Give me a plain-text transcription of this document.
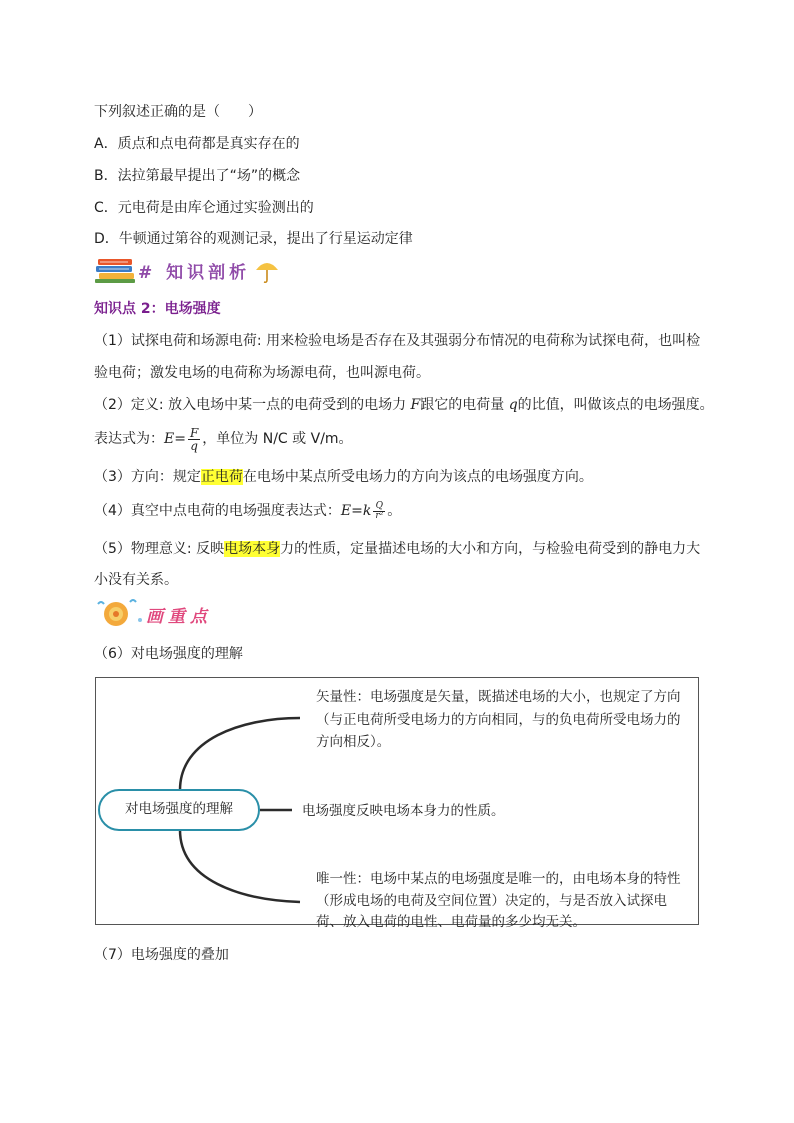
下列叙述正确的是（　　）
A．质点和点电荷都是真实存在的
B．法拉第最早提出了“场”的概念
C．元电荷是由库仑通过实验测出的
D．牛顿通过第谷的观测记录，提出了行星运动定律
# 知识剖析
知识点 2：电场强度
（1）试探电荷和场源电荷: 用来检验电场是否存在及其强弱分布情况的电荷称为试探电荷，也叫检
验电荷；激发电场的电荷称为场源电荷，也叫源电荷。
（2）定义: 放入电场中某一点的电荷受到的电场力 F跟它的电荷量 q的比值，叫做该点的电场强度。
表达式为：$E= \frac{F}{q}$ ，单位为 N/C 或 V/m。
（3）方向：规定正电荷在电场中某点所受电场力的方向为该点的电场强度方向。
（4）真空中点电荷的电场强度表达式：$E=k \frac{Q}{\text{r²}}$ 。
（5）物理意义: 反映电场本身力的性质，定量描述电场的大小和方向，与检验电荷受到的静电力大
小没有关系。
画重点
（6）对电场强度的理解
对电场强度的理解
矢量性：电场强度是矢量，既描述电场的大小，也规定了方向
（与正电荷所受电场力的方向相同，与的负电荷所受电场力的
方向相反）。
电场强度反映电场本身力的性质。
唯一性：电场中某点的电场强度是唯一的，由电场本身的特性
（形成电场的电荷及空间位置）决定的，与是否放入试探电
荷、放入电荷的电性、电荷量的多少均无关。
（7）电场强度的叠加
